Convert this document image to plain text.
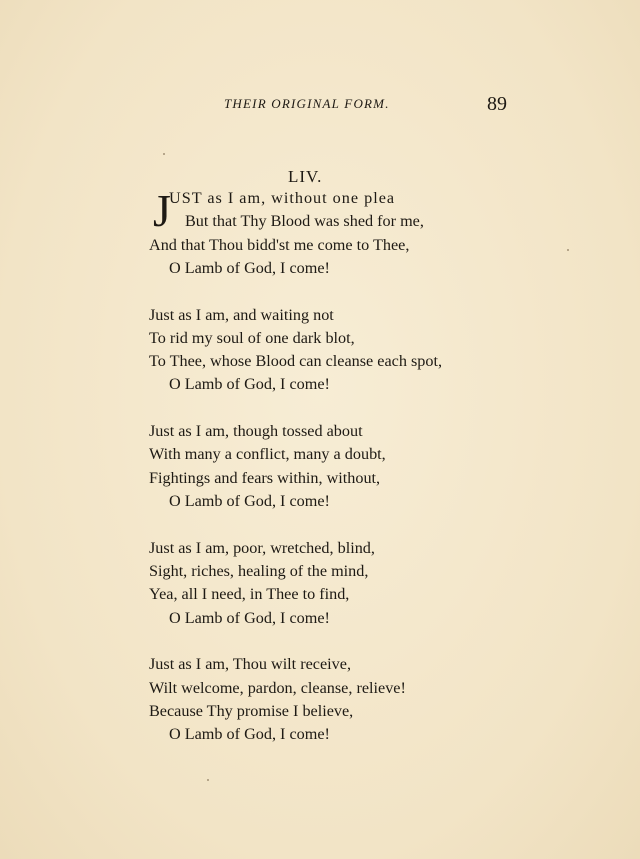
THEIR ORIGINAL FORM.	89
LIV.
J
UST as I am, without one plea
But that Thy Blood was shed for me,
And that Thou bidd'st me come to Thee,
O Lamb of God, I come!
Just as I am, and waiting not
To rid my soul of one dark blot,
To Thee, whose Blood can cleanse each spot,
O Lamb of God, I come!
Just as I am, though tossed about
With many a conflict, many a doubt,
Fightings and fears within, without,
O Lamb of God, I come!
Just as I am, poor, wretched, blind,
Sight, riches, healing of the mind,
Yea, all I need, in Thee to find,
O Lamb of God, I come!
Just as I am, Thou wilt receive,
Wilt welcome, pardon, cleanse, relieve!
Because Thy promise I believe,
O Lamb of God, I come!
